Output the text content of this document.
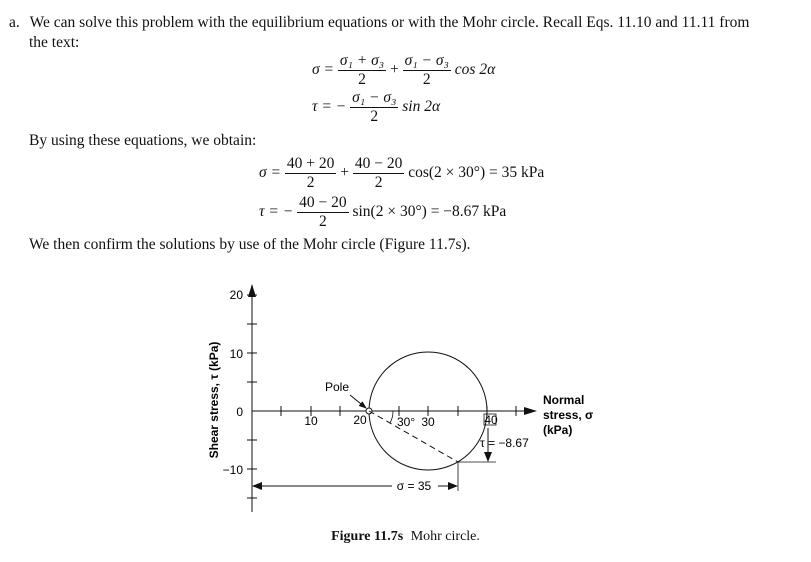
a. We can solve this problem with the equilibrium equations or with the Mohr circle. Recall Eqs. 11.10 and 11.11 from
the text:
$\sigma = \frac{\text{σ₁ + σ₃}}{2} + \frac{\text{σ₁ − σ₃}}{2}$ cos 2α
τ = − $\frac{\text{σ₁ − σ₃}}{2}$ sin 2α
By using these equations, we obtain:
$\sigma = \frac{40 + 20}{2} + \frac{40 - 20}{2} \cos(2 \times 30^\circ) = 35$ kPa
τ = − $\frac{40 - 20}{2} \sin(2 \times 30^\circ) = -8.67$ kPa
We then confirm the solutions by use of the Mohr circle (Figure 11.7s).
20
10
0
−10
10	20	30	40
Shear stress, τ (kPa)	Pole
30°
τ = −8.67
σ = 35
Normal
stress, σ
(kPa)
Figure 11.7s Mohr circle.
